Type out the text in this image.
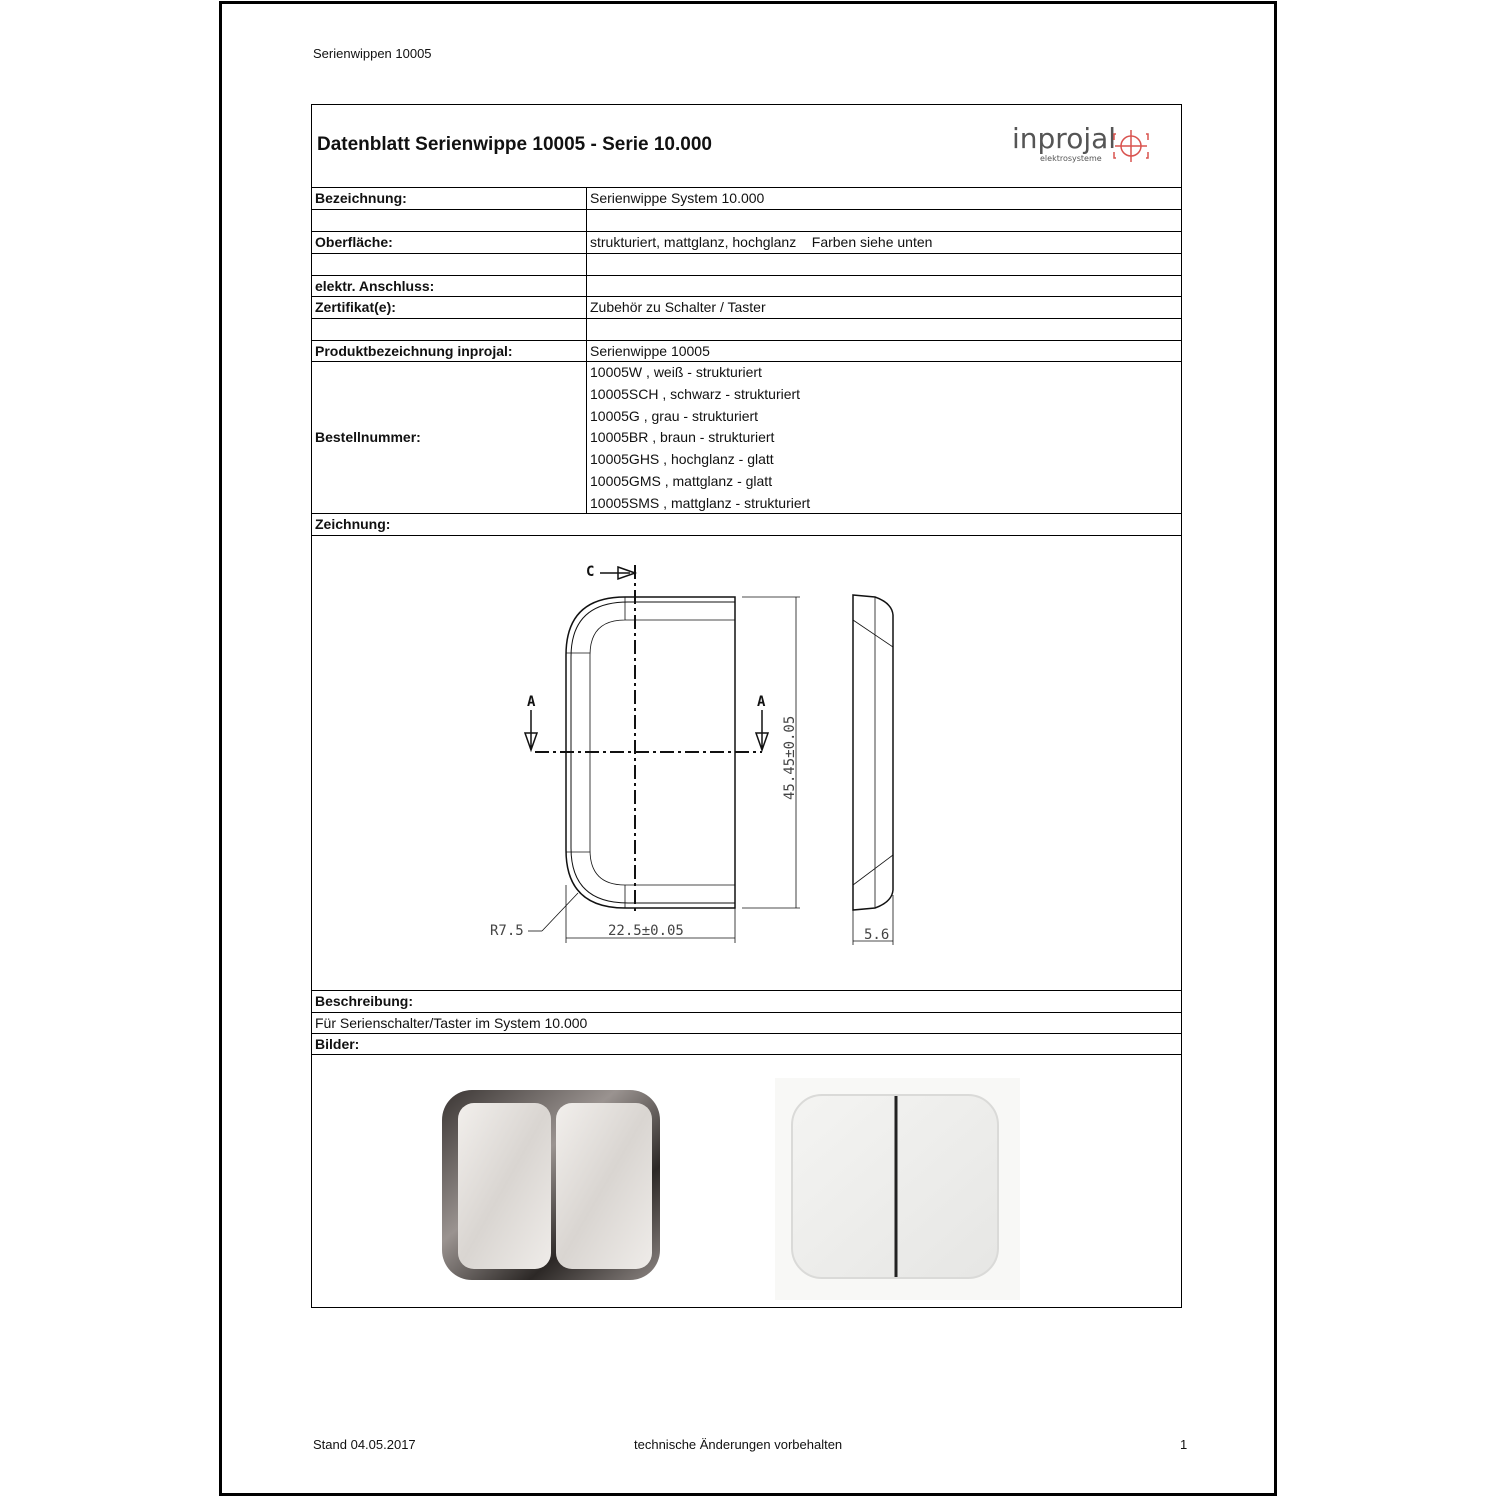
Serienwippen 10005
Datenblatt Serienwippe 10005 - Serie 10.000	inprojal
elektrosysteme
Bezeichnung:	Serienwippe System 10.000
Oberfläche:	strukturiert, mattglanz, hochglanz    Farben siehe unten
elektr. Anschluss:
Zertifikat(e):	Zubehör zu Schalter / Taster
Produktbezeichnung inprojal:	Serienwippe 10005
Bestellnummer:
10005W , weiß - strukturiert
10005SCH , schwarz - strukturiert
10005G , grau - strukturiert
10005BR , braun - strukturiert
10005GHS , hochglanz - glatt
10005GMS , mattglanz - glatt
10005SMS , mattglanz - strukturiert
Zeichnung:
C
A	A
45.45±0.05
22.5±0.05
R7.5	5.6
Beschreibung:
Für Serienschalter/Taster im System 10.000
Bilder:
Stand 04.05.2017	technische Änderungen vorbehalten	1
